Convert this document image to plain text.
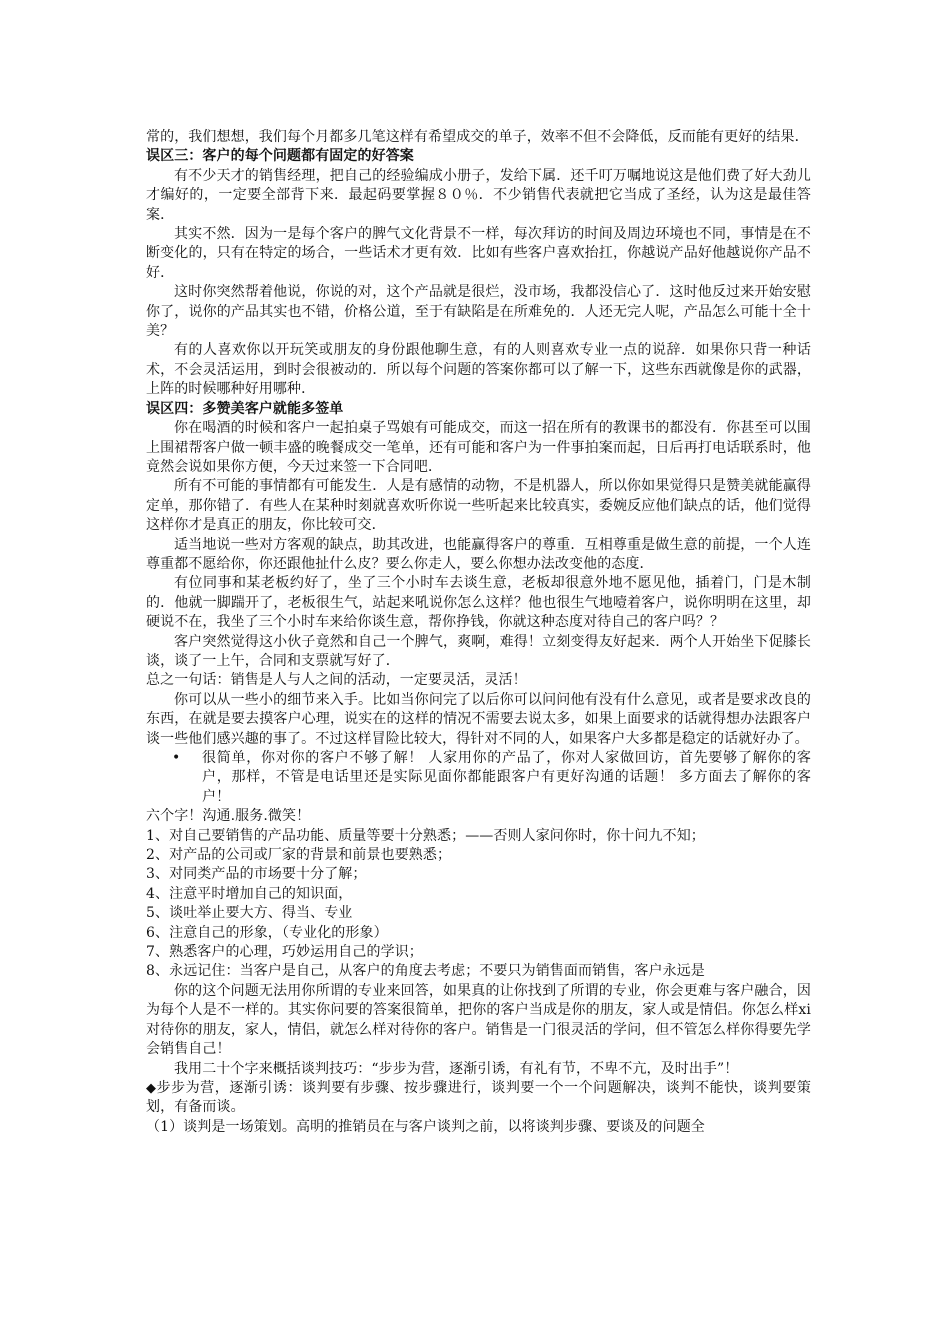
常的，我们想想，我们每个月都多几笔这样有希望成交的单子，效率不但不会降低，反而能有更好的结果．

误区三：客户的每个问题都有固定的好答案

有不少天才的销售经理，把自己的经验编成小册子，发给下属．还千叮万嘱地说这是他们费了好大劲儿才编好的，一定要全部背下来．最起码要掌握８０％．不少销售代表就把它当成了圣经，认为这是最佳答案．

其实不然．因为一是每个客户的脾气文化背景不一样，每次拜访的时间及周边环境也不同，事情是在不断变化的，只有在特定的场合，一些话术才更有效．比如有些客户喜欢抬扛，你越说产品好他越说你产品不好．

这时你突然帮着他说，你说的对，这个产品就是很烂，没市场，我都没信心了．这时他反过来开始安慰你了，说你的产品其实也不错，价格公道，至于有缺陷是在所难免的．人还无完人呢，产品怎么可能十全十美？

有的人喜欢你以开玩笑或朋友的身份跟他聊生意，有的人则喜欢专业一点的说辞．如果你只背一种话术，不会灵活运用，到时会很被动的．所以每个问题的答案你都可以了解一下，这些东西就像是你的武器，上阵的时候哪种好用哪种．

误区四：多赞美客户就能多签单

你在喝酒的时候和客户一起拍桌子骂娘有可能成交，而这一招在所有的教课书的都没有．你甚至可以围上围裙帮客户做一顿丰盛的晚餐成交一笔单，还有可能和客户为一件事拍案而起，日后再打电话联系时，他竟然会说如果你方便，今天过来签一下合同吧．

所有不可能的事情都有可能发生．人是有感情的动物，不是机器人，所以你如果觉得只是赞美就能赢得定单，那你错了．有些人在某种时刻就喜欢听你说一些听起来比较真实，委婉反应他们缺点的话，他们觉得这样你才是真正的朋友，你比较可交．

适当地说一些对方客观的缺点，助其改进，也能赢得客户的尊重．互相尊重是做生意的前提，一个人连尊重都不愿给你，你还跟他扯什么皮？要么你走人，要么你想办法改变他的态度．

有位同事和某老板约好了，坐了三个小时车去谈生意，老板却很意外地不愿见他，插着门，门是木制的．他就一脚踹开了，老板很生气，站起来吼说你怎么这样？他也很生气地噎着客户，说你明明在这里，却硬说不在，我坐了三个小时车来给你谈生意，帮你挣钱，你就这种态度对待自己的客户吗？？

客户突然觉得这小伙子竟然和自己一个脾气，爽啊，难得！立刻变得友好起来．两个人开始坐下促膝长谈，谈了一上午，合同和支票就写好了．

总之一句话：销售是人与人之间的活动，一定要灵活，灵活！

你可以从一些小的细节来入手。比如当你问完了以后你可以问问他有没有什么意见，或者是要求改良的东西，在就是要去摸客户心理，说实在的这样的情况不需要去说太多，如果上面要求的话就得想办法跟客户谈一些他们感兴趣的事了。不过这样冒险比较大，得针对不同的人，如果客户大多都是稳定的话就好办了。

• 很简单，你对你的客户不够了解！ 人家用你的产品了，你对人家做回访，首先要够了解你的客户，那样，不管是电话里还是实际见面你都能跟客户有更好沟通的话题！ 多方面去了解你的客户！

六个字！沟通.服务.微笑！

1、对自己要销售的产品功能、质量等要十分熟悉；——否则人家问你时，你十问九不知；

2、对产品的公司或厂家的背景和前景也要熟悉；

3、对同类产品的市场要十分了解；

4、注意平时增加自己的知识面，

5、谈吐举止要大方、得当、专业

6、注意自己的形象，（专业化的形象）

7、熟悉客户的心理，巧妙运用自己的学识；

8、永远记住：当客户是自己，从客户的角度去考虑；不要只为销售面而销售，客户永远是

你的这个问题无法用你所谓的专业来回答，如果真的让你找到了所谓的专业，你会更难与客户融合，因为每个人是不一样的。其实你问要的答案很简单，把你的客户当成是你的朋友，家人或是情侣。你怎么样xi对待你的朋友，家人，情侣，就怎么样对待你的客户。销售是一门很灵活的学问，但不管怎么样你得要先学会销售自己！

我用二十个字来概括谈判技巧：“步步为营，逐渐引诱，有礼有节，不卑不亢，及时出手”！

◆步步为营，逐渐引诱：谈判要有步骤、按步骤进行，谈判要一个一个问题解决，谈判不能快，谈判要策划，有备而谈。

（1）谈判是一场策划。高明的推销员在与客户谈判之前，以将谈判步骤、要谈及的问题全
